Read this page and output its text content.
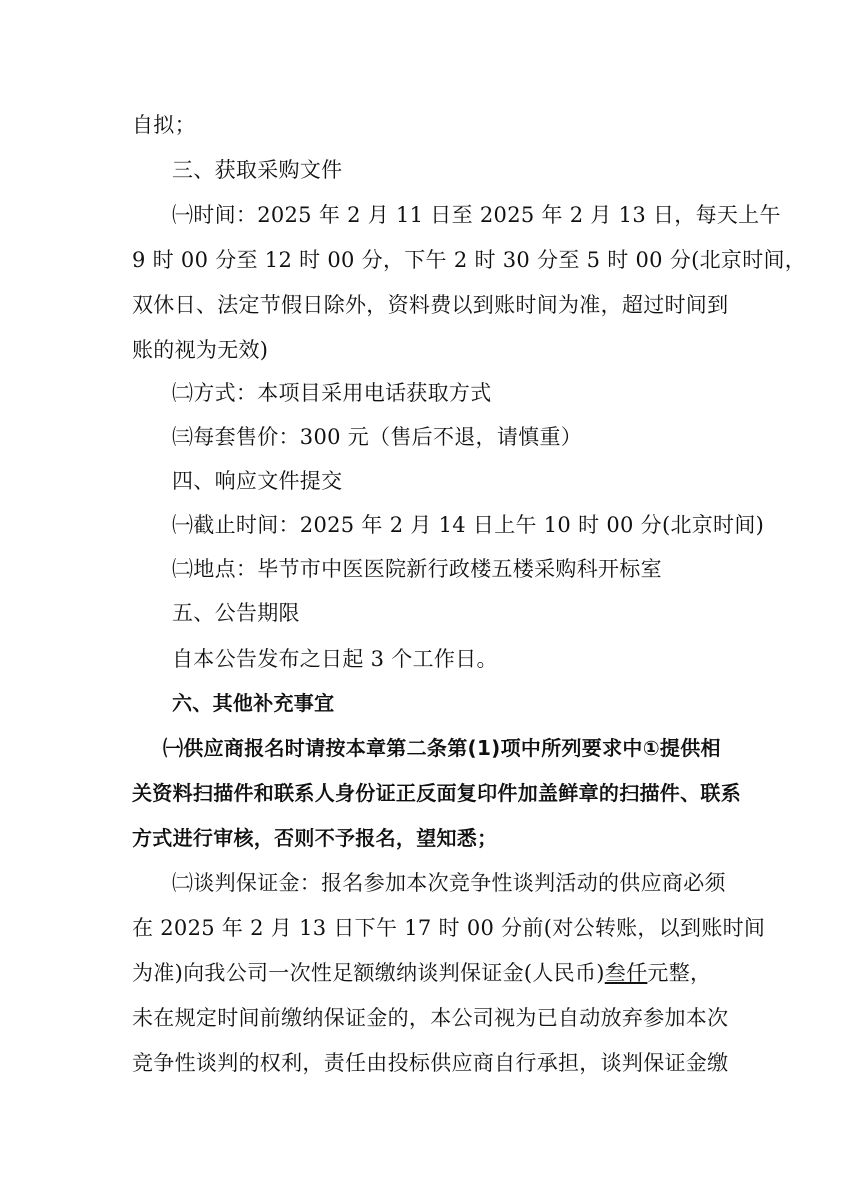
自拟；
三、获取采购文件
㈠时间：2025 年 2 月 11 日至 2025 年 2 月 13 日，每天上午
9 时 00 分至 12 时 00 分，下午 2 时 30 分至 5 时 00 分(北京时间，
双休日、法定节假日除外，资料费以到账时间为准，超过时间到
账的视为无效)
㈡方式：本项目采用电话获取方式
㈢每套售价：300 元（售后不退，请慎重）
四、响应文件提交
㈠截止时间：2025 年 2 月 14 日上午 10 时 00 分(北京时间)
㈡地点：毕节市中医医院新行政楼五楼采购科开标室
五、公告期限
自本公告发布之日起 3 个工作日。
六、其他补充事宜
㈠供应商报名时请按本章第二条第(1)项中所列要求中①提供相
关资料扫描件和联系人身份证正反面复印件加盖鲜章的扫描件、联系
方式进行审核，否则不予报名，望知悉；
㈡谈判保证金：报名参加本次竞争性谈判活动的供应商必须
在 2025 年 2 月 13 日下午 17 时 00 分前(对公转账，以到账时间
为准)向我公司一次性足额缴纳谈判保证金(人民币)叁仟元整，
未在规定时间前缴纳保证金的，本公司视为已自动放弃参加本次
竞争性谈判的权利，责任由投标供应商自行承担，谈判保证金缴
